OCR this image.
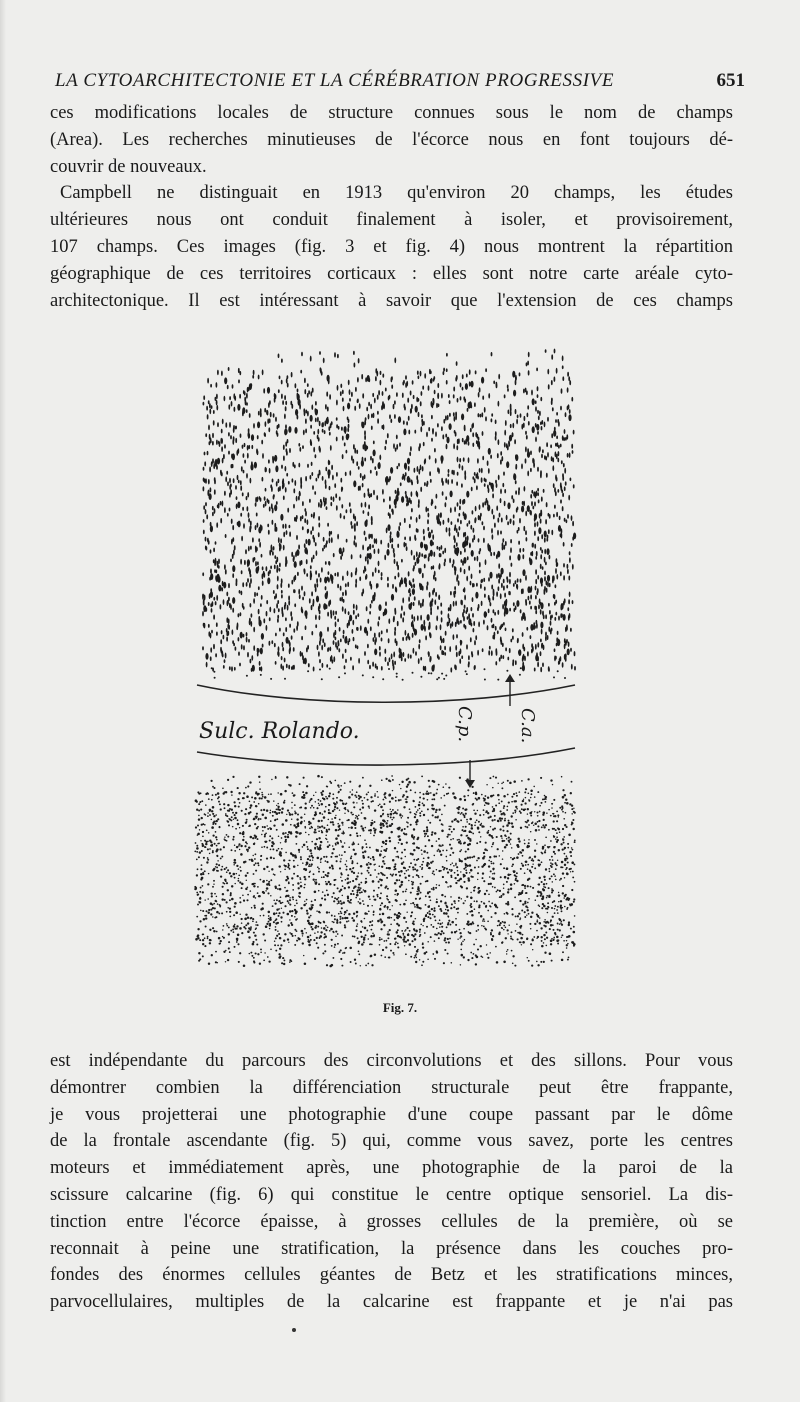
LA CYTOARCHITECTONIE ET LA CÉRÉBRATION PROGRESSIVE	651
ces modifications locales de structure connues sous le nom de champs
(Area). Les recherches minutieuses de l'écorce nous en font toujours dé-
couvrir de nouveaux.
Campbell ne distinguait en 1913 qu'environ 20 champs, les études
ultérieures nous ont conduit finalement à isoler, et provisoirement,
107 champs. Ces images (fig. 3 et fig. 4) nous montrent la répartition
géographique de ces territoires corticaux : elles sont notre carte aréale cyto-
architectonique. Il est intéressant à savoir que l'extension de ces champs
Sulc. Rolando.	C.a.
C.p.
Fig. 7.
est indépendante du parcours des circonvolutions et des sillons. Pour vous
démontrer combien la différenciation structurale peut être frappante,
je vous projetterai une photographie d'une coupe passant par le dôme
de la frontale ascendante (fig. 5) qui, comme vous savez, porte les centres
moteurs et immédiatement après, une photographie de la paroi de la
scissure calcarine (fig. 6) qui constitue le centre optique sensoriel. La dis-
tinction entre l'écorce épaisse, à grosses cellules de la première, où se
reconnait à peine une stratification, la présence dans les couches pro-
fondes des énormes cellules géantes de Betz et les stratifications minces,
parvocellulaires, multiples de la calcarine est frappante et je n'ai pas
